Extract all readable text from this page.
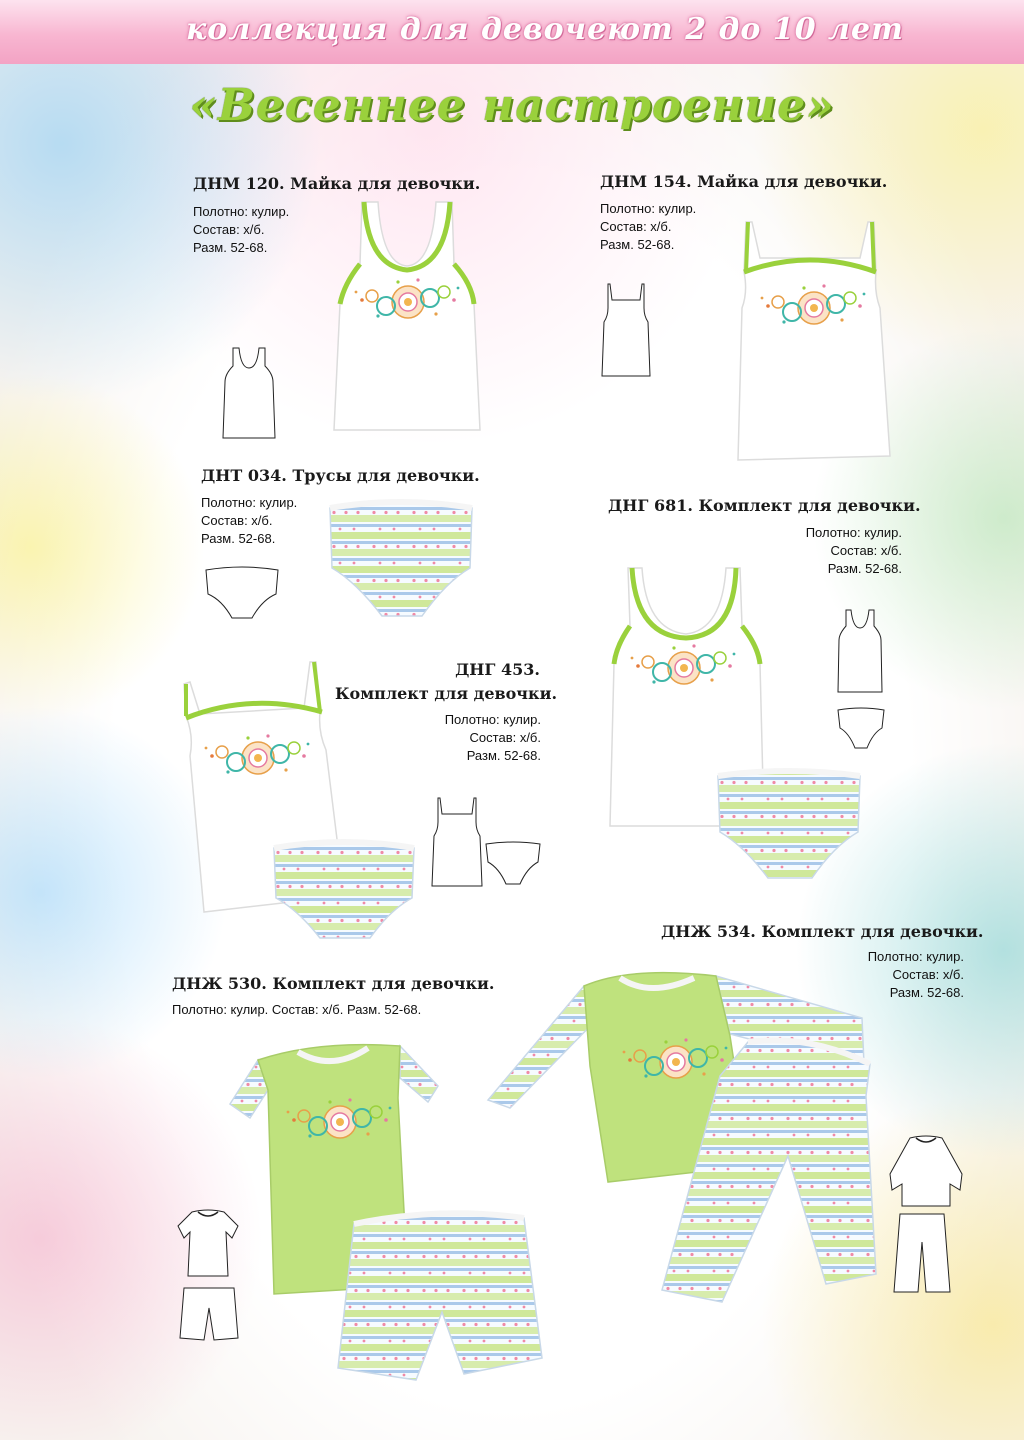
коллекция для девочек
от 2 до 10 лет
«Весеннее настроение»
ДНМ 120. Майка для девочки.
Полотно: кулир.
Состав: х/б.
Разм. 52-68.
ДНМ 154. Майка для девочки.
Полотно: кулир.
Состав: х/б.
Разм. 52-68.
ДНТ 034. Трусы для девочки.
Полотно: кулир.
Состав: х/б.
Разм. 52-68.
ДНГ 681. Комплект для девочки.
Полотно: кулир.
Состав: х/б.
Разм. 52-68.
ДНГ 453.
Комплект для девочки.
Полотно: кулир.
Состав: х/б.
Разм. 52-68.
ДНЖ 534. Комплект для девочки.
Полотно: кулир.
Состав: х/б.
Разм. 52-68.
ДНЖ 530. Комплект для девочки.
Полотно: кулир. Состав: х/б. Разм. 52-68.
